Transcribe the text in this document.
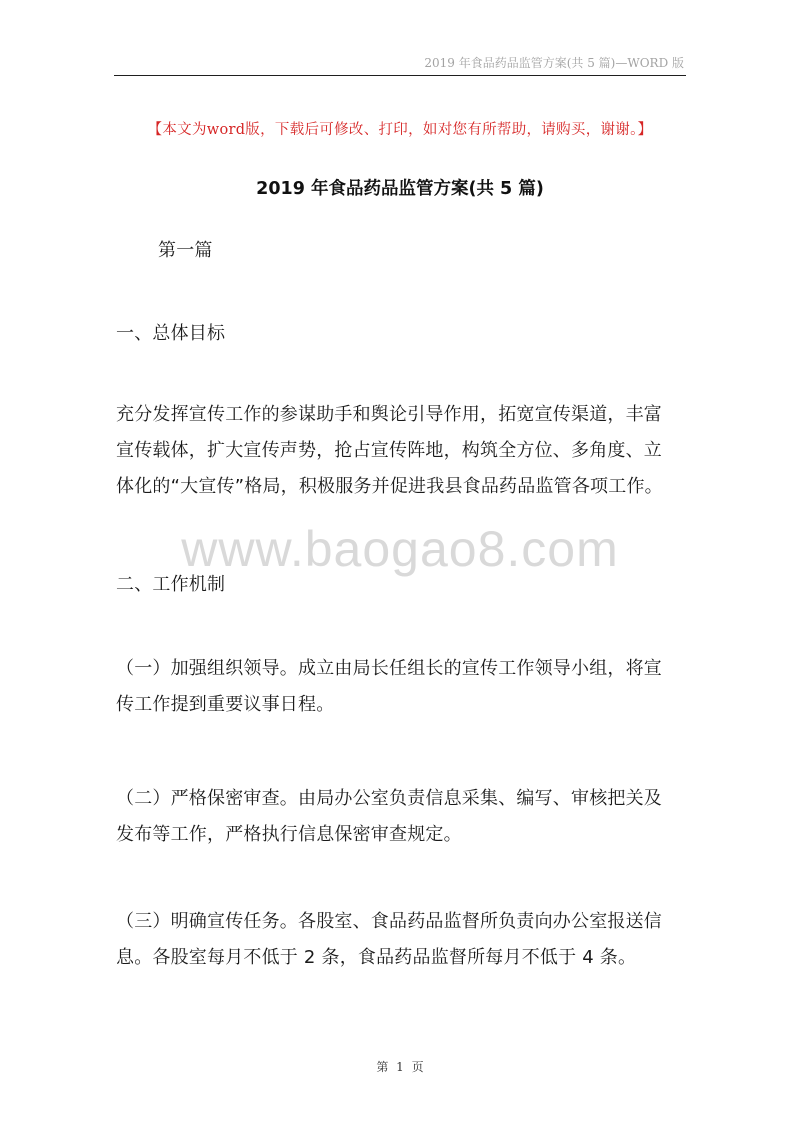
2019 年食品药品监管方案(共 5 篇)—WORD 版
【本文为word版，下载后可修改、打印，如对您有所帮助，请购买，谢谢。】
2019 年食品药品监管方案(共 5 篇)
第一篇
一、总体目标
充分发挥宣传工作的参谋助手和舆论引导作用，拓宽宣传渠道，丰富
宣传载体，扩大宣传声势，抢占宣传阵地，构筑全方位、多角度、立
体化的“大宣传”格局，积极服务并促进我县食品药品监管各项工作。
www.baogao8.com
二、工作机制
（一）加强组织领导。成立由局长任组长的宣传工作领导小组，将宣
传工作提到重要议事日程。
（二）严格保密审查。由局办公室负责信息采集、编写、审核把关及
发布等工作，严格执行信息保密审查规定。
（三）明确宣传任务。各股室、食品药品监督所负责向办公室报送信
息。各股室每月不低于 2 条，食品药品监督所每月不低于 4 条。
第 1 页
